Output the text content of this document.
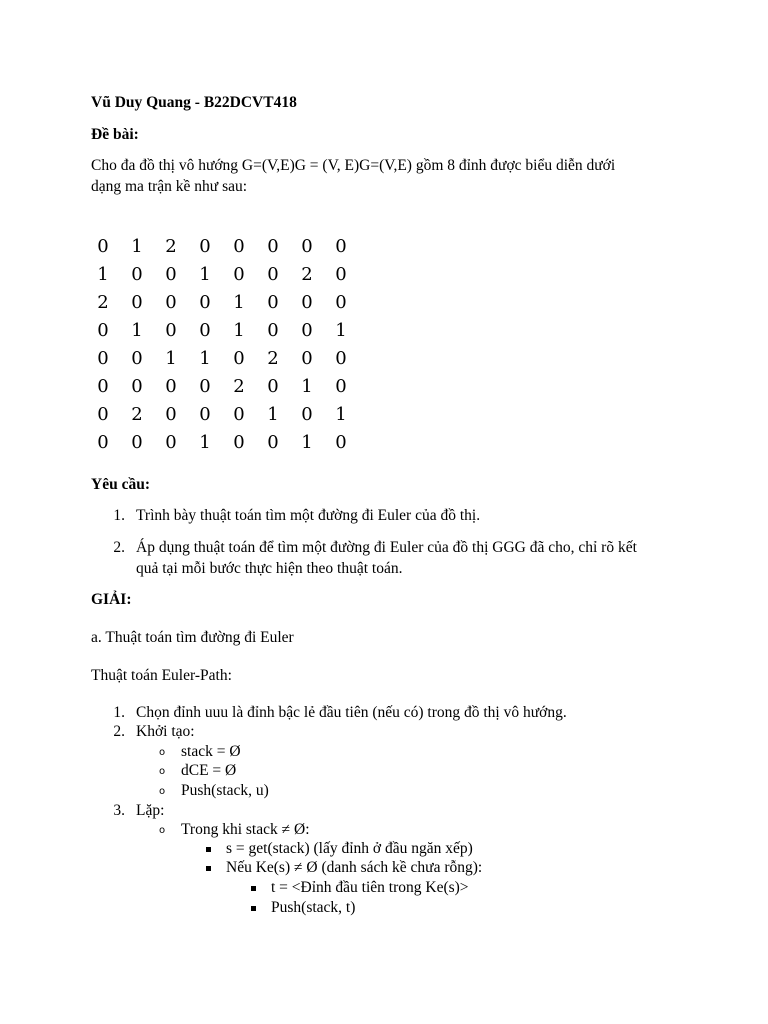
Vũ Duy Quang - B22DCVT418
Đề bài:
Cho đa đồ thị vô hướng G=(V,E)G = (V, E)G=(V,E) gồm 8 đỉnh được biểu diễn dưới
dạng ma trận kề như sau:
0 1 2 0 0 0 0 0
1 0 0 1 0 0 2 0
2 0 0 0 1 0 0 0
0 1 0 0 1 0 0 1
0 0 1 1 0 2 0 0
0 0 0 0 2 0 1 0
0 2 0 0 0 1 0 1
0 0 0 1 0 0 1 0
Yêu cầu:
1. Trình bày thuật toán tìm một đường đi Euler của đồ thị.
2. Áp dụng thuật toán để tìm một đường đi Euler của đồ thị GGG đã cho, chỉ rõ kết
quả tại mỗi bước thực hiện theo thuật toán.
GIẢI:
a. Thuật toán tìm đường đi Euler
Thuật toán Euler-Path:
1. Chọn đỉnh uuu là đỉnh bậc lẻ đầu tiên (nếu có) trong đồ thị vô hướng.
2. Khởi tạo:
o stack = Ø
o dCE = Ø
o Push(stack, u)
3. Lặp:
o Trong khi stack ≠ Ø:
s = get(stack) (lấy đỉnh ở đầu ngăn xếp)
Nếu Ke(s) ≠ Ø (danh sách kề chưa rỗng):
t = <Đỉnh đầu tiên trong Ke(s)>
Push(stack, t)
